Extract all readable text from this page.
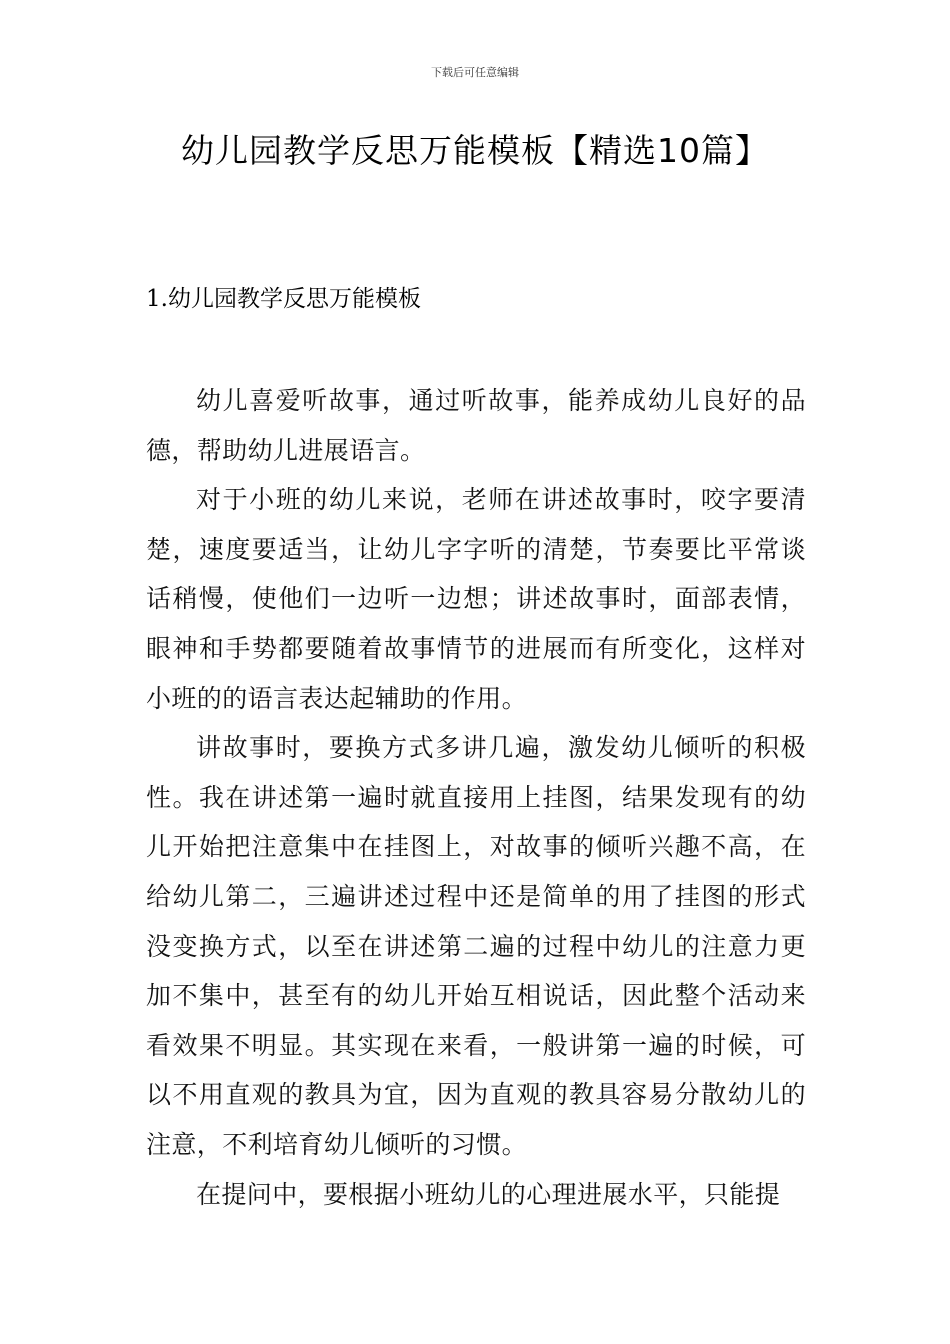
下载后可任意编辑
幼儿园教学反思万能模板【精选10篇】
1.幼儿园教学反思万能模板

幼儿喜爱听故事，通过听故事，能养成幼儿良好的品德，帮助幼儿进展语言。

对于小班的幼儿来说，老师在讲述故事时，咬字要清楚，速度要适当，让幼儿字字听的清楚，节奏要比平常谈话稍慢，使他们一边听一边想；讲述故事时，面部表情，眼神和手势都要随着故事情节的进展而有所变化，这样对小班的的语言表达起辅助的作用。

讲故事时，要换方式多讲几遍，激发幼儿倾听的积极性。我在讲述第一遍时就直接用上挂图，结果发现有的幼儿开始把注意集中在挂图上，对故事的倾听兴趣不高，在给幼儿第二，三遍讲述过程中还是简单的用了挂图的形式没变换方式，以至在讲述第二遍的过程中幼儿的注意力更加不集中，甚至有的幼儿开始互相说话，因此整个活动来看效果不明显。其实现在来看，一般讲第一遍的时候，可以不用直观的教具为宜，因为直观的教具容易分散幼儿的注意，不利培育幼儿倾听的习惯。

在提问中，要根据小班幼儿的心理进展水平，只能提
